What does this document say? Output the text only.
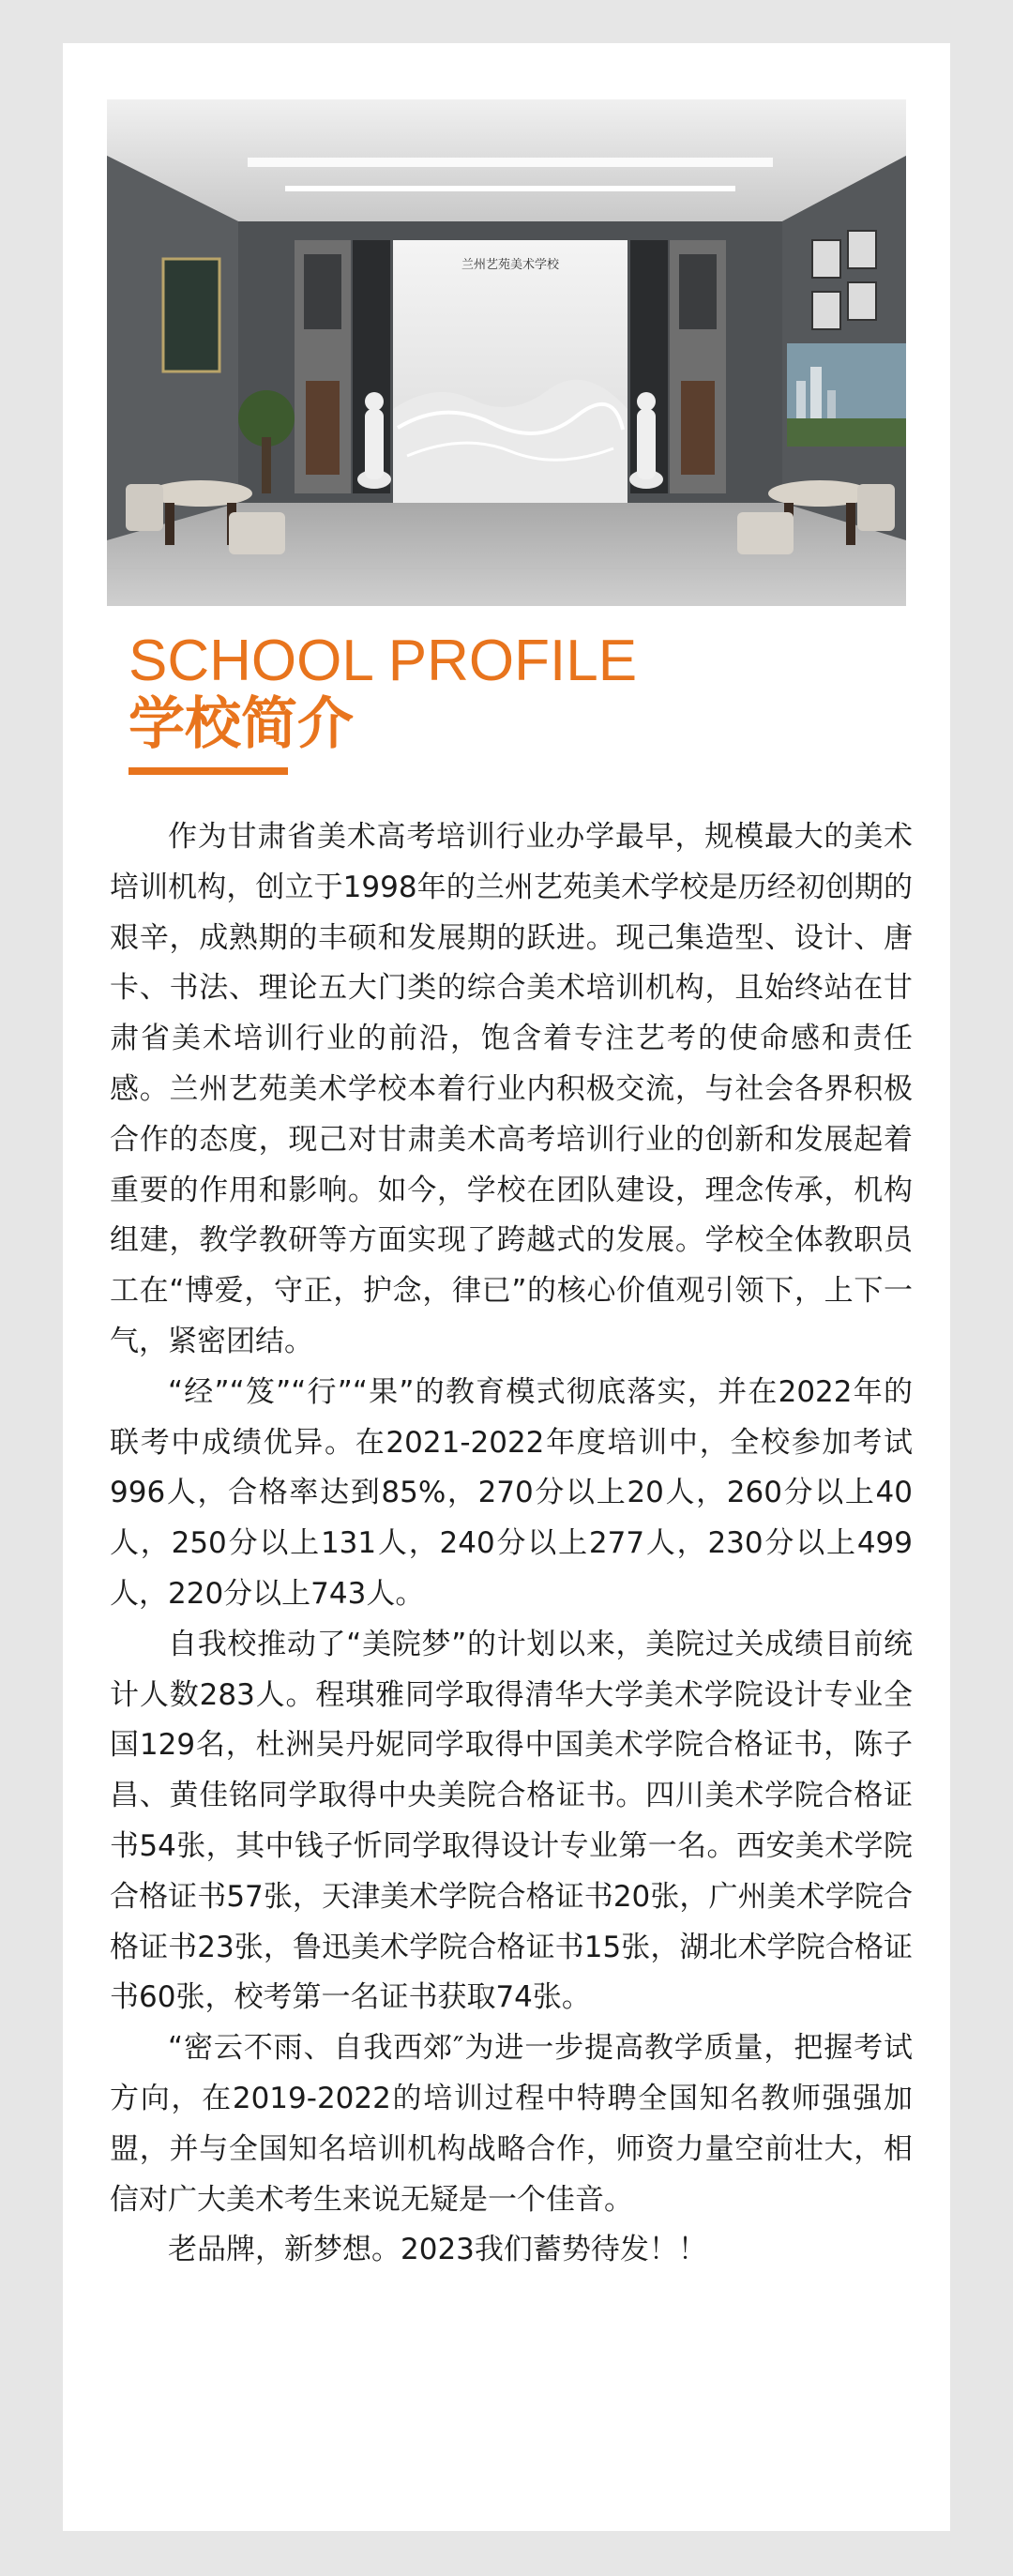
兰州艺苑美术学校
SCHOOL PROFILE
学校简介

作为甘肃省美术高考培训行业办学最早，规模最大的美术培训机构，创立于1998年的兰州艺苑美术学校是历经初创期的艰辛，成熟期的丰硕和发展期的跃进。现己集造型、设计、唐卡、书法、理论五大门类的综合美术培训机构，且始终站在甘肃省美术培训行业的前沿，饱含着专注艺考的使命感和责任感。兰州艺苑美术学校本着行业内积极交流，与社会各界积极合作的态度，现己对甘肃美术高考培训行业的创新和发展起着重要的作用和影响。如今，学校在团队建设，理念传承，机构组建，教学教研等方面实现了跨越式的发展。学校全体教职员工在“博爱，守正，护念，律已”的核心价值观引领下，上下一气，紧密团结。

“经”“笈”“行”“果”的教育模式彻底落实，并在2022年的联考中成绩优异。在2021-2022年度培训中，全校参加考试996人，合格率达到85%，270分以上20人，260分以上40人，250分以上131人，240分以上277人，230分以上499人，220分以上743人。

自我校推动了“美院梦”的计划以来，美院过关成绩目前统计人数283人。程琪雅同学取得清华大学美术学院设计专业全国129名，杜洲吴丹妮同学取得中国美术学院合格证书，陈子昌、黄佳铭同学取得中央美院合格证书。四川美术学院合格证书54张，其中钱子忻同学取得设计专业第一名。西安美术学院合格证书57张，天津美术学院合格证书20张，广州美术学院合格证书23张，鲁迅美术学院合格证书15张，湖北术学院合格证书60张，校考第一名证书获取74张。

“密云不雨、自我西郊″为进一步提高教学质量，把握考试方向，在2019-2022的培训过程中特聘全国知名教师强强加盟，并与全国知名培训机构战略合作，师资力量空前壮大，相信对广大美术考生来说无疑是一个佳音。

老品牌，新梦想。2023我们蓄势待发！！
